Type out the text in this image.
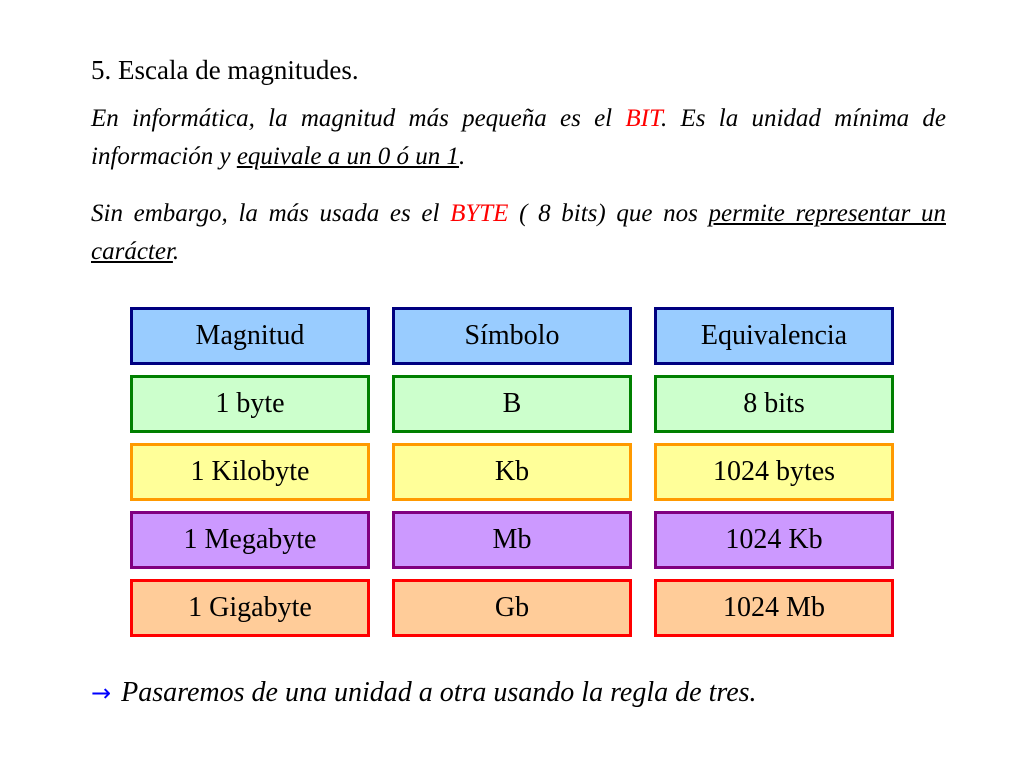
5. Escala de magnitudes.

En informática, la magnitud más pequeña es el BIT. Es la unidad mínima de información y equivale a un 0 ó un 1.

Sin embargo, la más usada es el BYTE ( 8 bits) que nos permite representar un carácter.

Magnitud	Símbolo	Equivalencia
1 byte	B	8 bits
1 Kilobyte	Kb	1024 bytes
1 Megabyte	Mb	1024 Kb
1 Gigabyte	Gb	1024 Mb

→ Pasaremos de una unidad a otra usando la regla de tres.
